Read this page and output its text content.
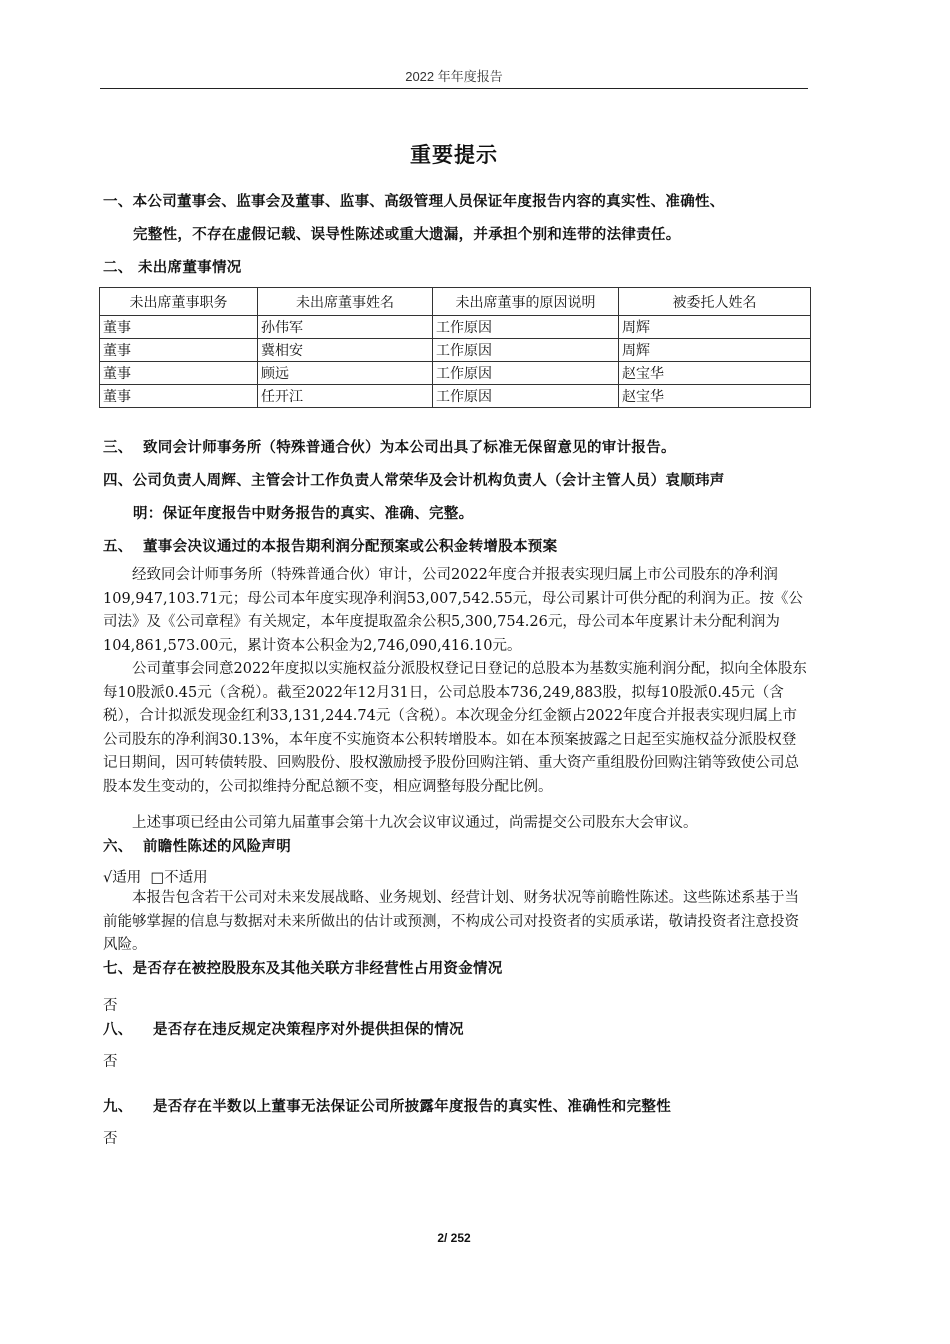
2022 年年度报告
重要提示
一、本公司董事会、监事会及董事、监事、高级管理人员保证年度报告内容的真实性、准确性、
完整性，不存在虚假记载、误导性陈述或重大遗漏，并承担个别和连带的法律责任。
二、 未出席董事情况
未出席董事职务	未出席董事姓名	未出席董事的原因说明	被委托人姓名
董事	孙伟军	工作原因	周辉
董事	冀相安	工作原因	周辉
董事	顾远	工作原因	赵宝华
董事	任开江	工作原因	赵宝华
三、 致同会计师事务所（特殊普通合伙）为本公司出具了标准无保留意见的审计报告。
四、公司负责人周辉、主管会计工作负责人常荣华及会计机构负责人（会计主管人员）袁顺玮声
明：保证年度报告中财务报告的真实、准确、完整。
五、 董事会决议通过的本报告期利润分配预案或公积金转增股本预案
　　经致同会计师事务所（特殊普通合伙）审计，公司2022年度合并报表实现归属上市公司股东的净利润109,947,103.71元；母公司本年度实现净利润53,007,542.55元，母公司累计可供分配的利润为正。按《公司法》及《公司章程》有关规定，本年度提取盈余公积5,300,754.26元，母公司本年度累计未分配利润为104,861,573.00元，累计资本公积金为2,746,090,416.10元。
　　公司董事会同意2022年度拟以实施权益分派股权登记日登记的总股本为基数实施利润分配，拟向全体股东每10股派0.45元（含税）。截至2022年12月31日，公司总股本736,249,883股，拟每10股派0.45元（含税），合计拟派发现金红利33,131,244.74元（含税）。本次现金分红金额占2022年度合并报表实现归属上市公司股东的净利润30.13%，本年度不实施资本公积转增股本。如在本预案披露之日起至实施权益分派股权登记日期间，因可转债转股、回购股份、股权激励授予股份回购注销、重大资产重组股份回购注销等致使公司总股本发生变动的，公司拟维持分配总额不变，相应调整每股分配比例。
　　上述事项已经由公司第九届董事会第十九次会议审议通过，尚需提交公司股东大会审议。
六、 前瞻性陈述的风险声明
√适用 □不适用
　　本报告包含若干公司对未来发展战略、业务规划、经营计划、财务状况等前瞻性陈述。这些陈述系基于当前能够掌握的信息与数据对未来所做出的估计或预测，不构成公司对投资者的实质承诺，敬请投资者注意投资风险。
七、是否存在被控股股东及其他关联方非经营性占用资金情况
否
八、 是否存在违反规定决策程序对外提供担保的情况
否
九、 是否存在半数以上董事无法保证公司所披露年度报告的真实性、准确性和完整性
否
2/ 252
